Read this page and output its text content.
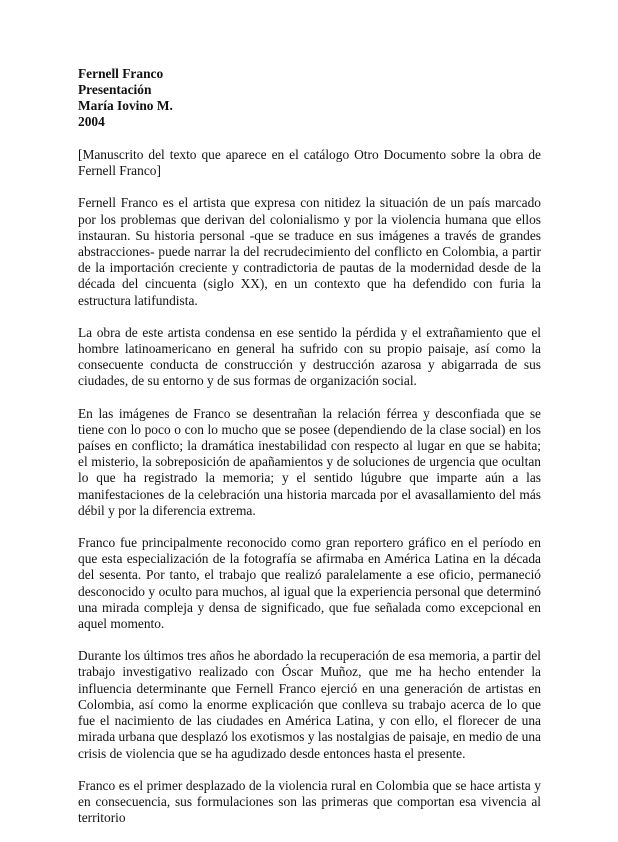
Fernell Franco
Presentación
María Iovino M.
2004

[Manuscrito del texto que aparece en el catálogo Otro Documento sobre la obra de Fernell Franco]

Fernell Franco es el artista que expresa con nitidez la situación de un país marcado por los problemas que derivan del colonialismo y por la violencia humana que ellos instauran. Su historia personal -que se traduce en sus imágenes a través de grandes abstracciones- puede narrar la del recrudecimiento del conflicto en Colombia, a partir de la importación creciente y contradictoria de pautas de la modernidad desde de la década del cincuenta (siglo XX), en un contexto que ha defendido con furia la estructura latifundista.

La obra de este artista condensa en ese sentido la pérdida y el extrañamiento que el hombre latinoamericano en general ha sufrido con su propio paisaje, así como la consecuente conducta de construcción y destrucción azarosa y abigarrada de sus ciudades, de su entorno y de sus formas de organización social.

En las imágenes de Franco se desentrañan la relación férrea y desconfiada que se tiene con lo poco o con lo mucho que se posee (dependiendo de la clase social) en los países en conflicto; la dramática inestabilidad con respecto al lugar en que se habita; el misterio, la sobreposición de apañamientos y de soluciones de urgencia que ocultan lo que ha registrado la memoria; y el sentido lúgubre que imparte aún a las manifestaciones de la celebración una historia marcada por el avasallamiento del más débil y por la diferencia extrema.

Franco fue principalmente reconocido como gran reportero gráfico en el período en que esta especialización de la fotografía se afirmaba en América Latina en la década del sesenta. Por tanto, el trabajo que realizó paralelamente a ese oficio, permaneció desconocido y oculto para muchos, al igual que la experiencia personal que determinó una mirada compleja y densa de significado, que fue señalada como excepcional en aquel momento.

Durante los últimos tres años he abordado la recuperación de esa memoria, a partir del trabajo investigativo realizado con Óscar Muñoz, que me ha hecho entender la influencia determinante que Fernell Franco ejerció en una generación de artistas en Colombia, así como la enorme explicación que conlleva su trabajo acerca de lo que fue el nacimiento de las ciudades en América Latina, y con ello, el florecer de una mirada urbana que desplazó los exotismos y las nostalgias de paisaje, en medio de una crisis de violencia que se ha agudizado desde entonces hasta el presente.

Franco es el primer desplazado de la violencia rural en Colombia que se hace artista y en consecuencia, sus formulaciones son las primeras que comportan esa vivencia al territorio
